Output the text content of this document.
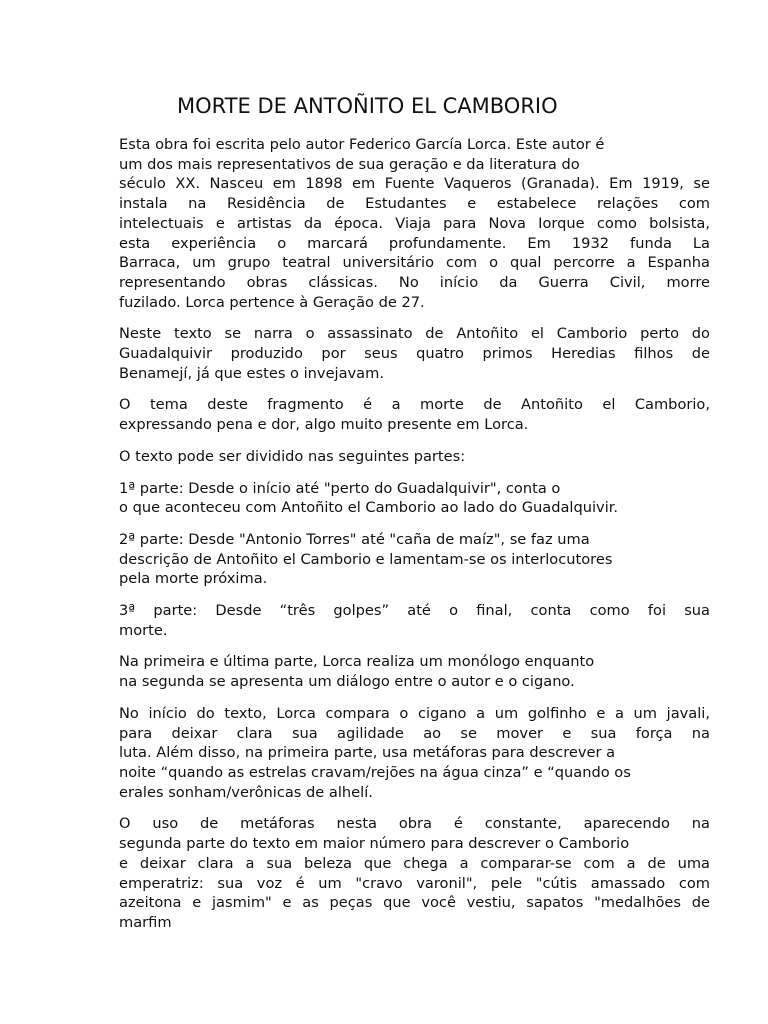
MORTE DE ANTOÑITO EL CAMBORIO
Esta obra foi escrita pelo autor Federico García Lorca. Este autor é
um dos mais representativos de sua geração e da literatura do
século XX. Nasceu em 1898 em Fuente Vaqueros (Granada). Em 1919, se
instala na Residência de Estudantes e estabelece relações com
intelectuais e artistas da época. Viaja para Nova Iorque como bolsista,
esta experiência o marcará profundamente. Em 1932 funda La
Barraca, um grupo teatral universitário com o qual percorre a Espanha
representando obras clássicas. No início da Guerra Civil, morre
fuzilado. Lorca pertence à Geração de 27.
Neste texto se narra o assassinato de Antoñito el Camborio perto do
Guadalquivir produzido por seus quatro primos Heredias filhos de
Benamejí, já que estes o invejavam.
O tema deste fragmento é a morte de Antoñito el Camborio,
expressando pena e dor, algo muito presente em Lorca.
O texto pode ser dividido nas seguintes partes:
1ª parte: Desde o início até "perto do Guadalquivir", conta o
o que aconteceu com Antoñito el Camborio ao lado do Guadalquivir.
2ª parte: Desde "Antonio Torres" até "caña de maíz", se faz uma
descrição de Antoñito el Camborio e lamentam-se os interlocutores
pela morte próxima.
3ª parte: Desde “três golpes” até o final, conta como foi sua
morte.
Na primeira e última parte, Lorca realiza um monólogo enquanto
na segunda se apresenta um diálogo entre o autor e o cigano.
No início do texto, Lorca compara o cigano a um golfinho e a um javali,
para deixar clara sua agilidade ao se mover e sua força na
luta. Além disso, na primeira parte, usa metáforas para descrever a
noite “quando as estrelas cravam/rejões na água cinza” e “quando os
erales sonham/verônicas de alhelí.
O uso de metáforas nesta obra é constante, aparecendo na
segunda parte do texto em maior número para descrever o Camborio
e deixar clara a sua beleza que chega a comparar-se com a de uma
emperatriz: sua voz é um "cravo varonil", pele "cútis amassado com
azeitona e jasmim" e as peças que você vestiu, sapatos "medalhões de
marfim
